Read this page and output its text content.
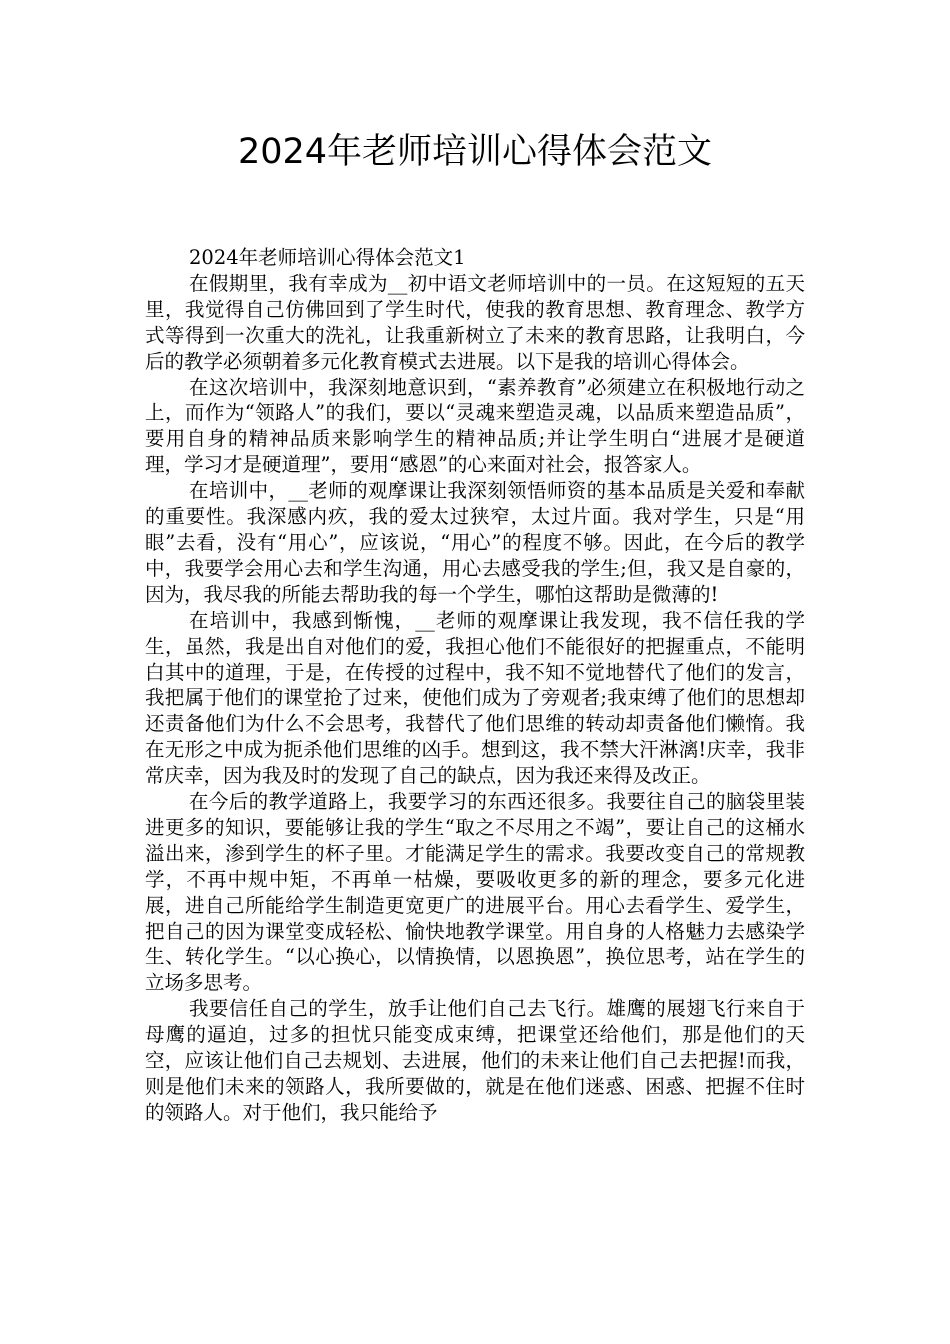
2024年老师培训心得体会范文

2024年老师培训心得体会范文1

在假期里，我有幸成为__初中语文老师培训中的一员。在这短短的五天里，我觉得自己仿佛回到了学生时代，使我的教育思想、教育理念、教学方式等得到一次重大的洗礼，让我重新树立了未来的教育思路，让我明白，今后的教学必须朝着多元化教育模式去进展。以下是我的培训心得体会。

在这次培训中，我深刻地意识到，“素养教育”必须建立在积极地行动之上，而作为“领路人”的我们，要以“灵魂来塑造灵魂，以品质来塑造品质”，要用自身的精神品质来影响学生的精神品质;并让学生明白“进展才是硬道理，学习才是硬道理”，要用“感恩”的心来面对社会，报答家人。

在培训中，__老师的观摩课让我深刻领悟师资的基本品质是关爱和奉献的重要性。我深感内疚，我的爱太过狭窄，太过片面。我对学生，只是“用眼”去看，没有“用心”，应该说，“用心”的程度不够。因此，在今后的教学中，我要学会用心去和学生沟通，用心去感受我的学生;但，我又是自豪的，因为，我尽我的所能去帮助我的每一个学生，哪怕这帮助是微薄的!

在培训中，我感到惭愧，__老师的观摩课让我发现，我不信任我的学生，虽然，我是出自对他们的爱，我担心他们不能很好的把握重点，不能明白其中的道理，于是，在传授的过程中，我不知不觉地替代了他们的发言，我把属于他们的课堂抢了过来，使他们成为了旁观者;我束缚了他们的思想却还责备他们为什么不会思考，我替代了他们思维的转动却责备他们懒惰。我在无形之中成为扼杀他们思维的凶手。想到这，我不禁大汗淋漓!庆幸，我非常庆幸，因为我及时的发现了自己的缺点，因为我还来得及改正。

在今后的教学道路上，我要学习的东西还很多。我要往自己的脑袋里装进更多的知识，要能够让我的学生“取之不尽用之不竭”，要让自己的这桶水溢出来，渗到学生的杯子里。才能满足学生的需求。我要改变自己的常规教学，不再中规中矩，不再单一枯燥，要吸收更多的新的理念，要多元化进展，进自己所能给学生制造更宽更广的进展平台。用心去看学生、爱学生，把自己的因为课堂变成轻松、愉快地教学课堂。用自身的人格魅力去感染学生、转化学生。“以心换心，以情换情，以恩换恩”，换位思考，站在学生的立场多思考。

我要信任自己的学生，放手让他们自己去飞行。雄鹰的展翅飞行来自于母鹰的逼迫，过多的担忧只能变成束缚，把课堂还给他们，那是他们的天空，应该让他们自己去规划、去进展，他们的未来让他们自己去把握!而我，则是他们未来的领路人，我所要做的，就是在他们迷惑、困惑、把握不住时的领路人。对于他们，我只能给予
